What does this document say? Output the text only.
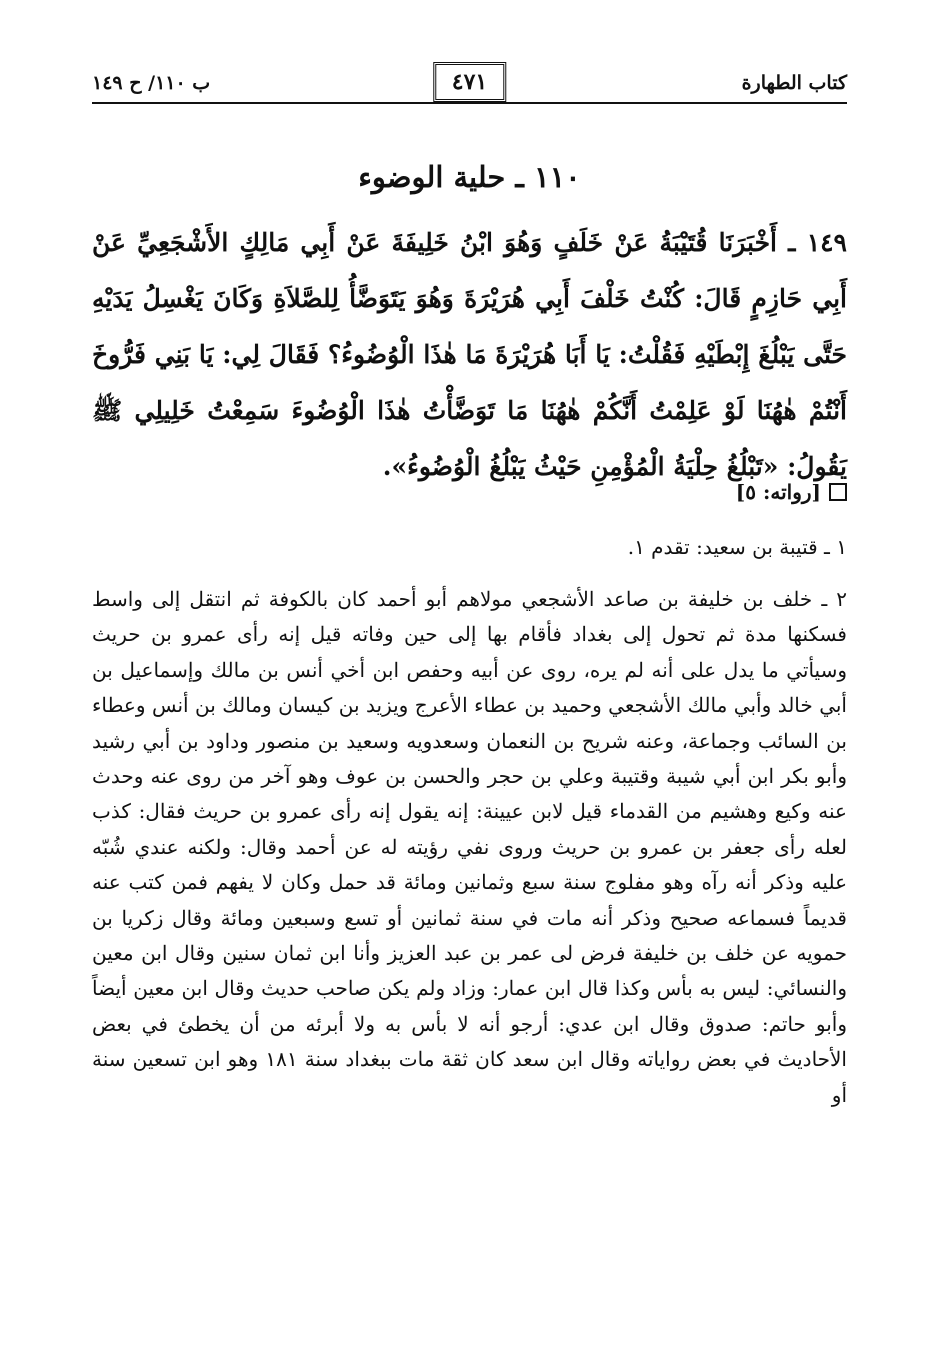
كتاب الطهارة
٤٧١
ب ١١٠/ ح ١٤٩
١١٠ ـ حلية الوضوء
١٤٩ ـ أَخْبَرَنَا قُتَيْبَةُ عَنْ خَلَفٍ وَهُوَ ابْنُ خَلِيفَةَ عَنْ أَبِي مَالِكٍ الأَشْجَعِيِّ عَنْ أَبِي حَازِمٍ قَالَ: كُنْتُ خَلْفَ أَبِي هُرَيْرَةَ وَهُوَ يَتَوَضَّأُ لِلصَّلاَةِ وَكَانَ يَغْسِلُ يَدَيْهِ حَتَّى يَبْلُغَ إِبْطَيْهِ فَقُلْتُ: يَا أَبَا هُرَيْرَةَ مَا هٰذَا الْوُضُوءُ؟ فَقَالَ لِي: يَا بَنِي فَرُّوخَ أَنْتُمْ هٰهُنَا لَوْ عَلِمْتُ أَنَّكُمْ هٰهُنَا مَا تَوَضَّأْتُ هٰذَا الْوُضُوءَ سَمِعْتُ خَلِيلِي ﷺ يَقُولُ: «تَبْلُغُ حِلْيَةُ الْمُؤْمِنِ حَيْثُ يَبْلُغُ الْوُضُوءُ».
[رواته: ٥]
١ ـ قتيبة بن سعيد: تقدم ١.
٢ ـ خلف بن خليفة بن صاعد الأشجعي مولاهم أبو أحمد كان بالكوفة ثم انتقل إلى واسط فسكنها مدة ثم تحول إلى بغداد فأقام بها إلى حين وفاته قيل إنه رأى عمرو بن حريث وسيأتي ما يدل على أنه لم يره، روى عن أبيه وحفص ابن أخي أنس بن مالك وإسماعيل بن أبي خالد وأبي مالك الأشجعي وحميد بن عطاء الأعرج ويزيد بن كيسان ومالك بن أنس وعطاء بن السائب وجماعة، وعنه شريح بن النعمان وسعدويه وسعيد بن منصور وداود بن أبي رشيد وأبو بكر ابن أبي شيبة وقتيبة وعلي بن حجر والحسن بن عوف وهو آخر من روى عنه وحدث عنه وكيع وهشيم من القدماء قيل لابن عيينة: إنه يقول إنه رأى عمرو بن حريث فقال: كذب لعله رأى جعفر بن عمرو بن حريث وروى نفي رؤيته له عن أحمد وقال: ولكنه عندي شُبّه عليه وذكر أنه رآه وهو مفلوج سنة سبع وثمانين ومائة قد حمل وكان لا يفهم فمن كتب عنه قديماً فسماعه صحيح وذكر أنه مات في سنة ثمانين أو تسع وسبعين ومائة وقال زكريا بن حمويه عن خلف بن خليفة فرض لى عمر بن عبد العزيز وأنا ابن ثمان سنين وقال ابن معين والنسائي: ليس به بأس وكذا قال ابن عمار: وزاد ولم يكن صاحب حديث وقال ابن معين أيضاً وأبو حاتم: صدوق وقال ابن عدي: أرجو أنه لا بأس به ولا أبرئه من أن يخطئ في بعض الأحاديث في بعض رواياته وقال ابن سعد كان ثقة مات ببغداد سنة ١٨١ وهو ابن تسعين سنة أو
